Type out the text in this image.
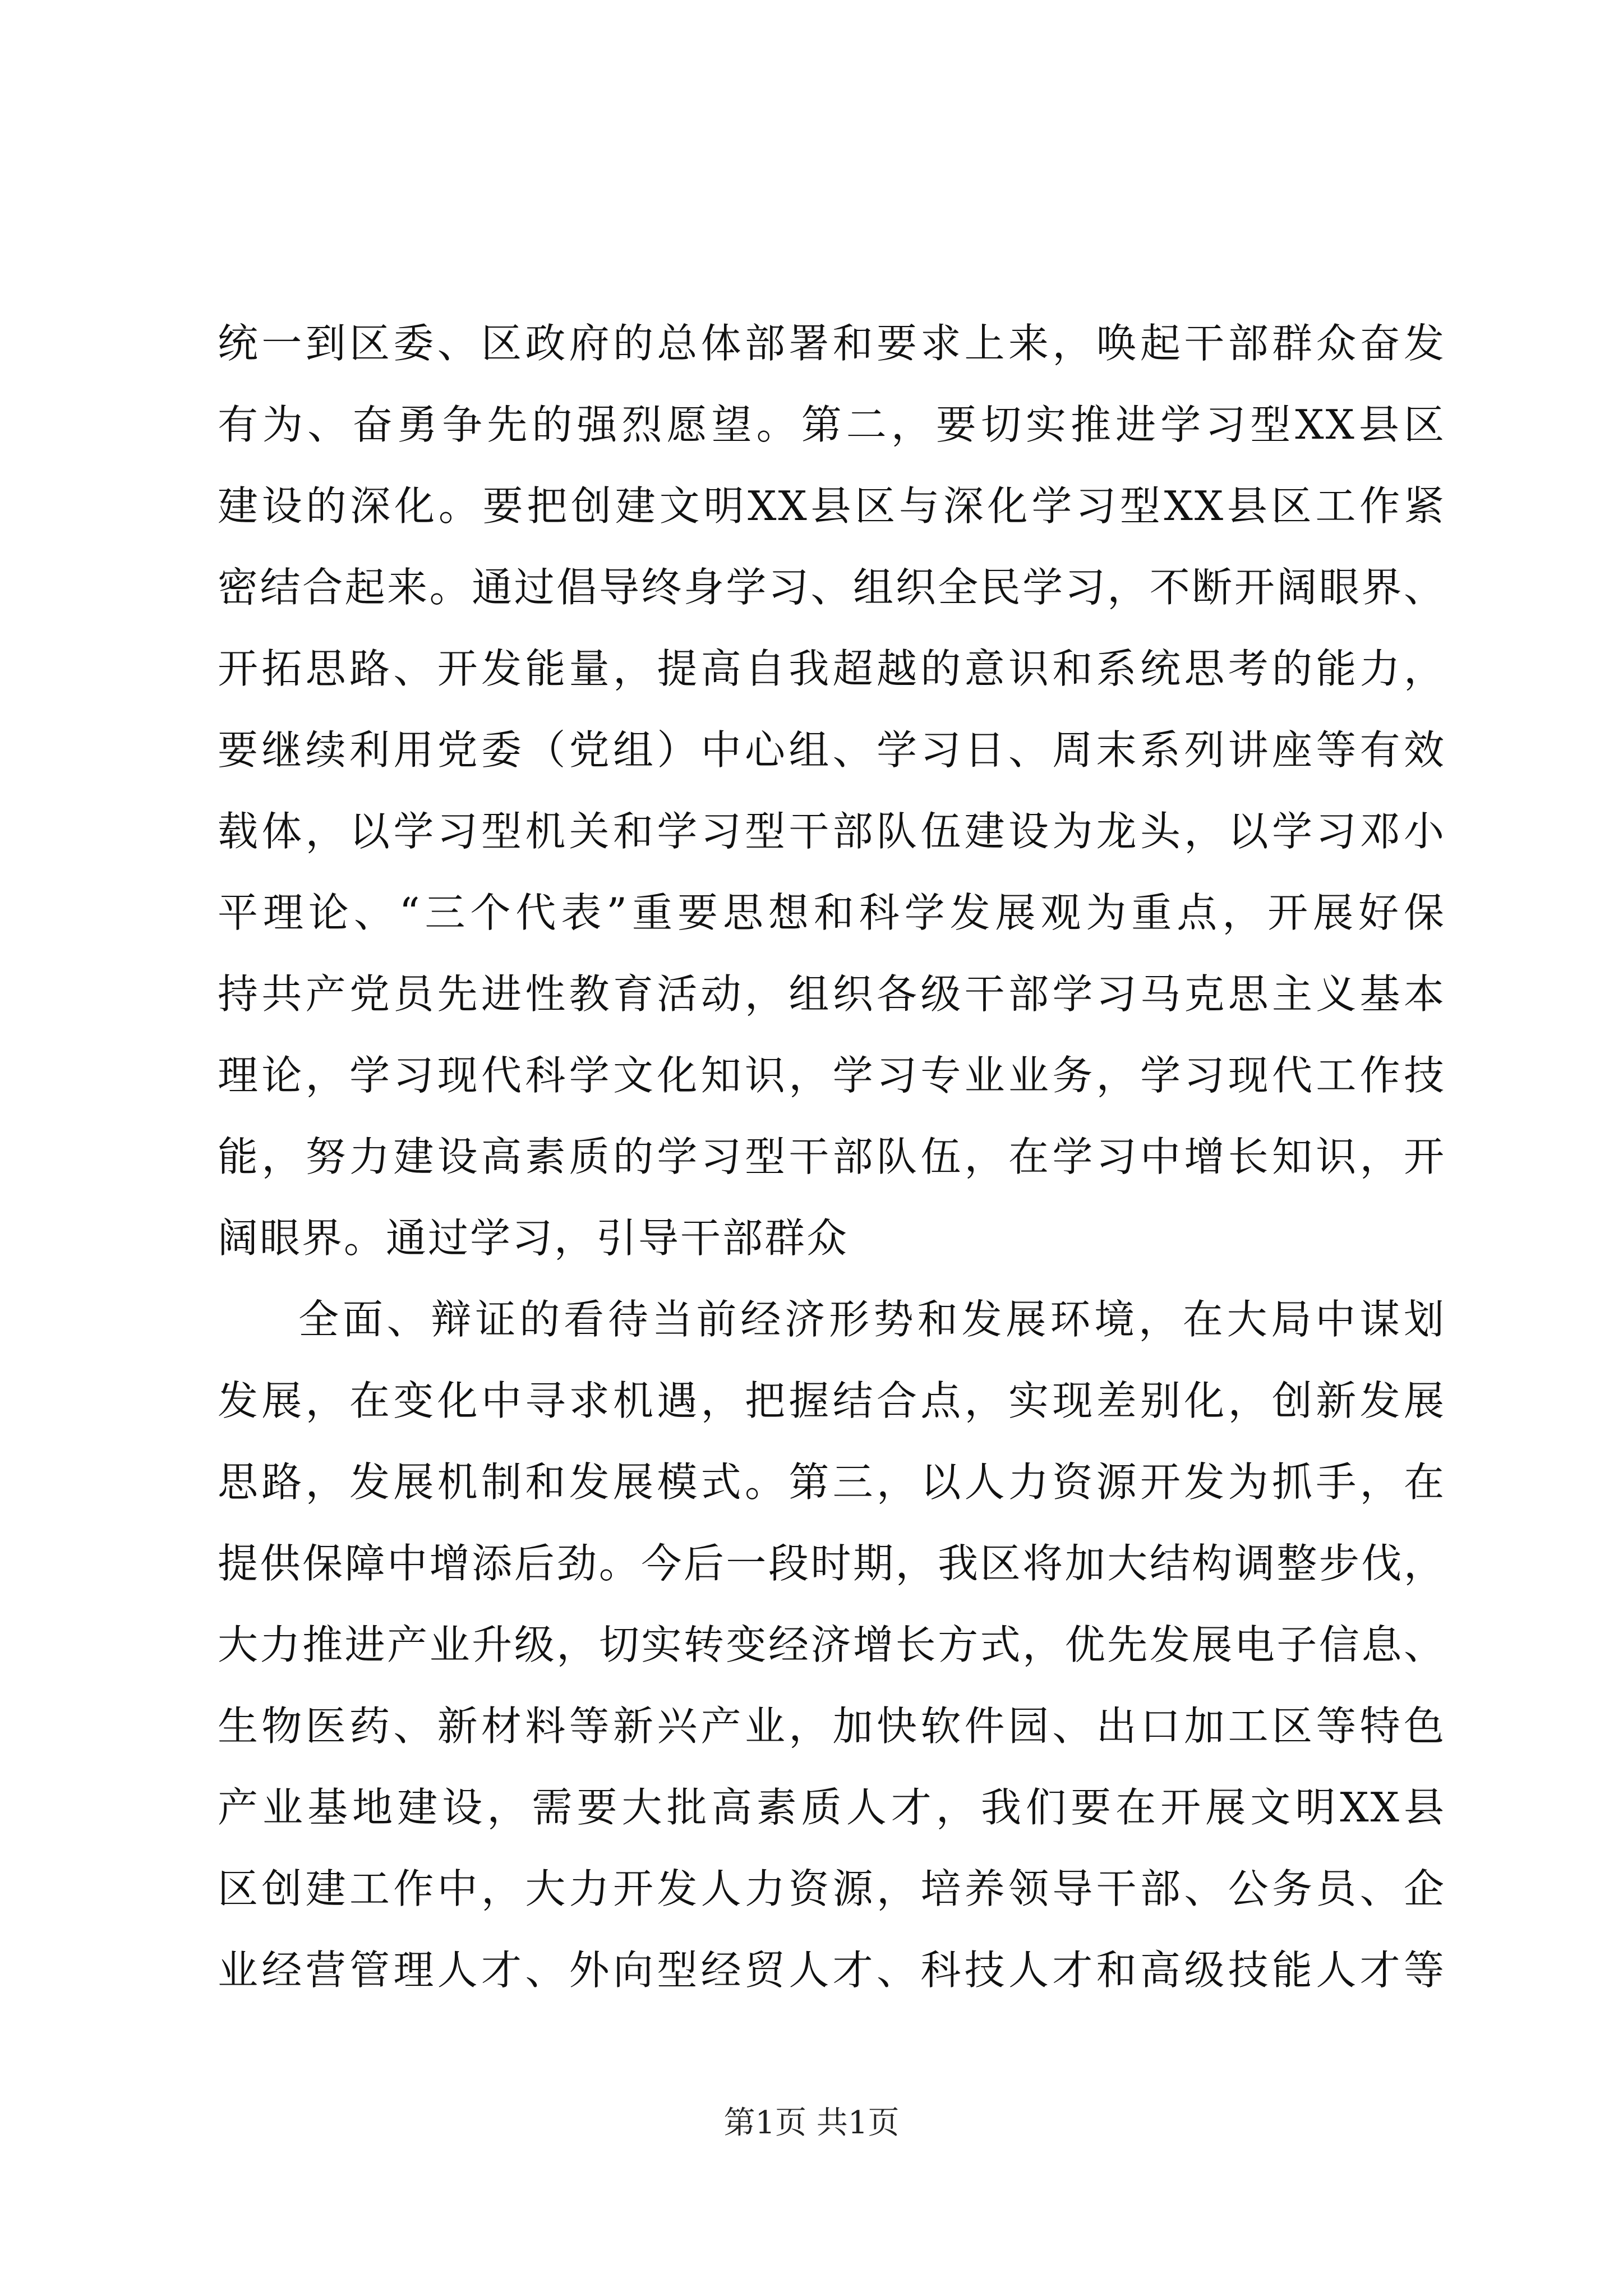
统一到区委、区政府的总体部署和要求上来，唤起干部群众奋发
有为、奋勇争先的强烈愿望。第二，要切实推进学习型XX县区
建设的深化。要把创建文明XX县区与深化学习型XX县区工作紧
密结合起来。通过倡导终身学习、组织全民学习，不断开阔眼界、
开拓思路、开发能量，提高自我超越的意识和系统思考的能力，
要继续利用党委（党组）中心组、学习日、周末系列讲座等有效
载体，以学习型机关和学习型干部队伍建设为龙头，以学习邓小
平理论、“三个代表”重要思想和科学发展观为重点，开展好保
持共产党员先进性教育活动，组织各级干部学习马克思主义基本
理论，学习现代科学文化知识，学习专业业务，学习现代工作技
能，努力建设高素质的学习型干部队伍，在学习中增长知识，开
阔眼界。通过学习，引导干部群众
全面、辩证的看待当前经济形势和发展环境，在大局中谋划
发展，在变化中寻求机遇，把握结合点，实现差别化，创新发展
思路，发展机制和发展模式。第三，以人力资源开发为抓手，在
提供保障中增添后劲。今后一段时期，我区将加大结构调整步伐，
大力推进产业升级，切实转变经济增长方式，优先发展电子信息、
生物医药、新材料等新兴产业，加快软件园、出口加工区等特色
产业基地建设，需要大批高素质人才，我们要在开展文明XX县
区创建工作中，大力开发人力资源，培养领导干部、公务员、企
业经营管理人才、外向型经贸人才、科技人才和高级技能人才等
第1页 共1页
